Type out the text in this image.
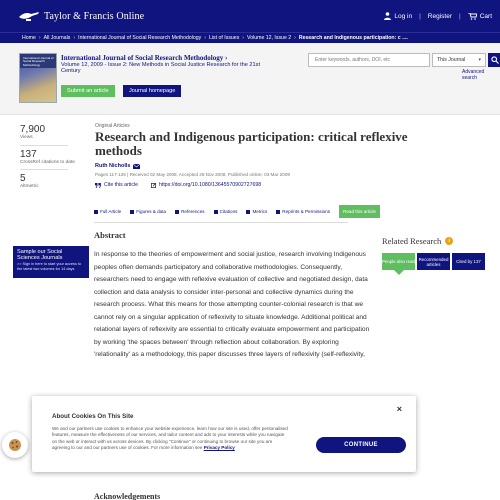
Taylor & Francis Online	Log in | Register |	Cart
Home › All Journals › International Journal of Social Research Methodology › List of Issues › Volume 12, Issue 2 › Research and Indigenous participation: c ....
International Journal of Social Research Methodology
International Journal of Social Research Methodology ›
Volume 12, 2009 - Issue 2: New Methods in Social Justice Research for the 21st Century
Submit an article	Journal homepage
Enter keywords, authors, DOI, etc	This Journal	▾
Advanced search
7,900
Views
137
CrossRef citations to date
5
Altmetric
Original Articles
Research and Indigenous participation: critical reflexive methods
Ruth Nicholls
Pages 117-126 | Received 02 May 2008, Accepted 28 Nov 2008, Published online: 03 Mar 2009
Cite this article	https://doi.org/10.1080/13645570902727698
Full Article	Figures & data	References	Citations	Metrics	Reprints & Permissions	Read this article
Sample our Social Sciences Journals
>> Sign in here to start your access to the latest two volumes for 14 days
Abstract
In response to the theories of empowerment and social justice, research involving Indigenous peoples often demands participatory and collaborative methodologies. Consequently, researchers need to engage with reflexive evaluation of collective and negotiated design, data collection and data analysis to consider inter-personal and collective dynamics during the research process. What this means for those attempting counter-colonial research is that we cannot rely on a singular application of reflexivity to situate knowledge. Additional political and relational layers of reflexivity are essential to critically evaluate empowerment and participation by working 'the spaces between' through reflection about collaboration. By exploring 'relationality' as a methodology, this paper discusses three layers of reflexivity (self-reflexivity,
Related Research	i
People also read Recommended articles	Cited by 137
Acknowledgements
About Cookies On This Site
We and our partners use cookies to enhance your website experience, learn how our site is used, offer personalised features, measure the effectiveness of our services, and tailor content and ads to your interests while you navigate on the web or interact with us across devices. By clicking "Continue" or continuing to browse our site you are agreeing to our and our partners use of cookies. For more information see Privacy Policy
×
CONTINUE
